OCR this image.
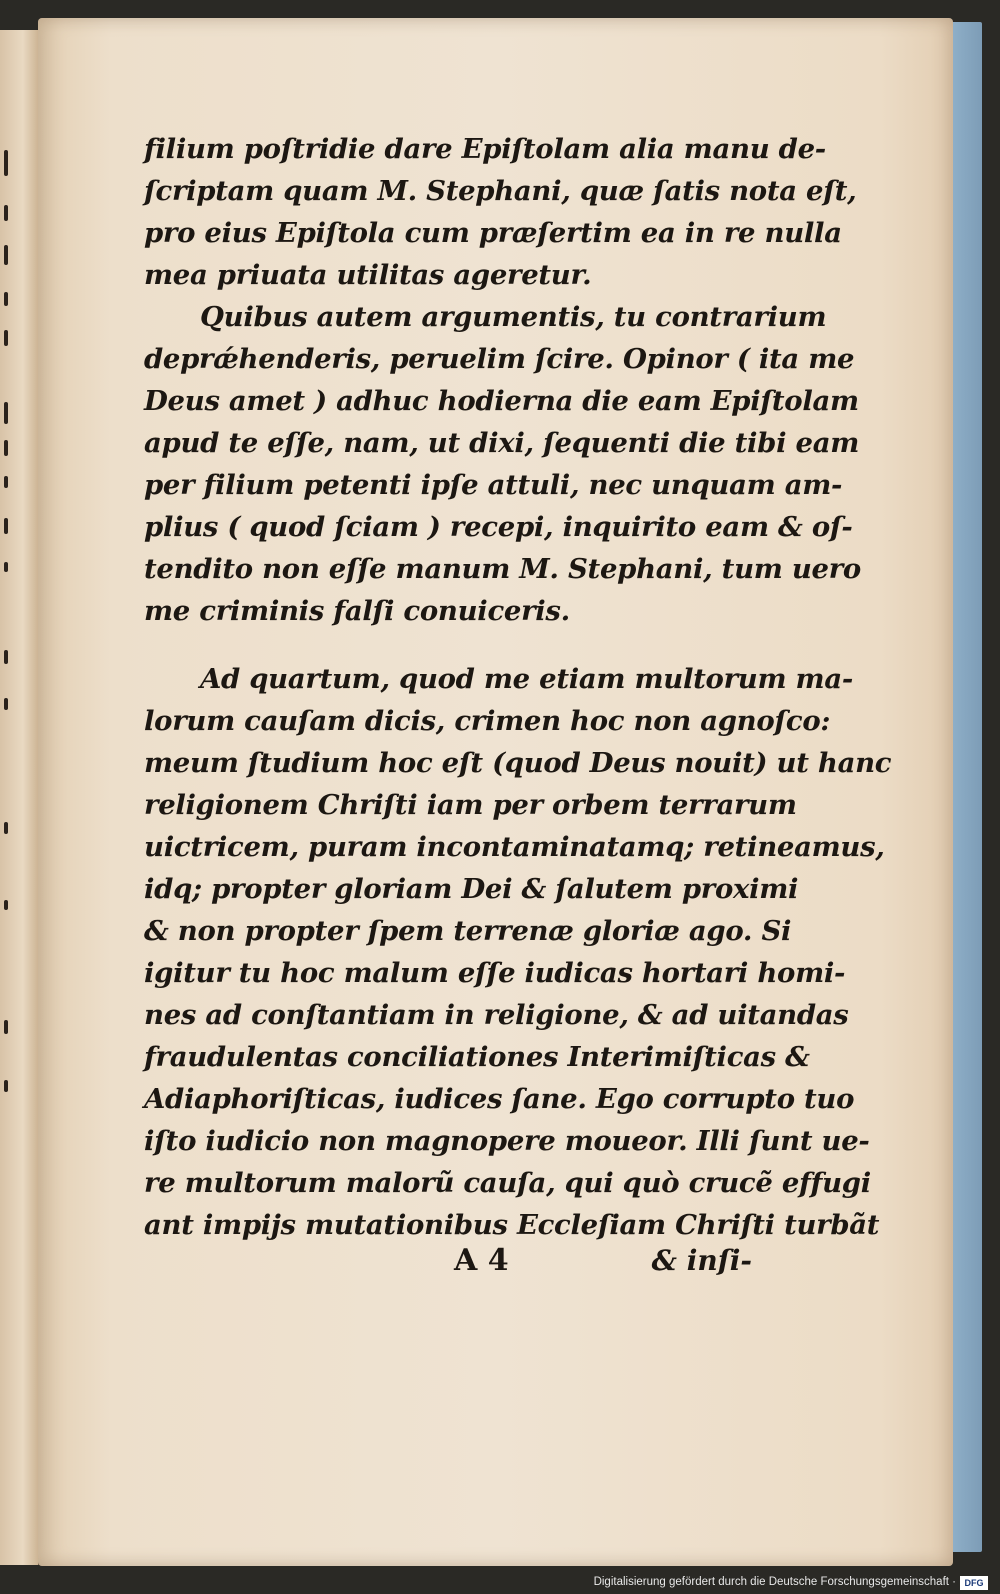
filium poſtridie dare Epiſtolam alia manu de-
ſcriptam quam M. Stephani, quæ ſatis nota eſt,
pro eius Epiſtola cum præſertim ea in re nulla
mea priuata utilitas ageretur.
Quibus autem argumentis, tu contrarium
deprǽhenderis, peruelim ſcire. Opinor ( ita me
Deus amet ) adhuc hodierna die eam Epiſtolam
apud te eſſe, nam, ut dixi, ſequenti die tibi eam
per filium petenti ipſe attuli, nec unquam am-
plius ( quod ſciam ) recepi, inquirito eam & oſ-
tendito non eſſe manum M. Stephani, tum uero
me criminis falſi conuiceris.
Ad quartum, quod me etiam multorum ma-
lorum cauſam dicis, crimen hoc non agnoſco:
meum ſtudium hoc eſt (quod Deus nouit) ut hanc
religionem Chriſti iam per orbem terrarum
uictricem, puram incontaminatamq; retineamus,
idq; propter gloriam Dei & ſalutem proximi
& non propter ſpem terrenæ gloriæ ago. Si
igitur tu hoc malum eſſe iudicas hortari homi-
nes ad conſtantiam in religione, & ad uitandas
fraudulentas conciliationes Interimiſticas &
Adiaphoriſticas, iudices ſane. Ego corrupto tuo
iſto iudicio non magnopere moueor. Illi ſunt ue-
re multorum malorũ cauſa, qui quò crucẽ effugi
ant impijs mutationibus Eccleſiam Chriſti turbãt
A 4	& inſi-
Digitalisierung gefördert durch die Deutsche Forschungsgemeinschaft · DFG
